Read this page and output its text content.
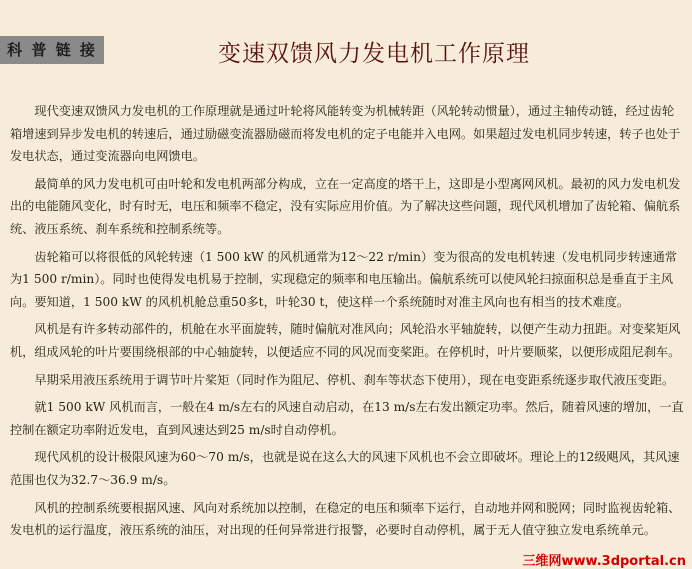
科 普 链 接	变速双馈风力发电机工作原理

现代变速双馈风力发电机的工作原理就是通过叶轮将风能转变为机械转距（风轮转动惯量），通过主轴传动链，经过齿轮箱增速到异步发电机的转速后，通过励磁变流器励磁而将发电机的定子电能并入电网。如果超过发电机同步转速，转子也处于发电状态，通过变流器向电网馈电。

最简单的风力发电机可由叶轮和发电机两部分构成，立在一定高度的塔干上，这即是小型离网风机。最初的风力发电机发出的电能随风变化，时有时无，电压和频率不稳定，没有实际应用价值。为了解决这些问题，现代风机增加了齿轮箱、偏航系统、液压系统、刹车系统和控制系统等。

齿轮箱可以将很低的风轮转速（1 500 kW 的风机通常为12～22 r/min）变为很高的发电机转速（发电机同步转速通常为1 500 r/min）。同时也使得发电机易于控制，实现稳定的频率和电压输出。偏航系统可以使风轮扫掠面积总是垂直于主风向。要知道，1 500 kW 的风机机舱总重50多t，叶轮30 t，使这样一个系统随时对准主风向也有相当的技术难度。

风机是有许多转动部件的，机舱在水平面旋转，随时偏航对准风向；风轮沿水平轴旋转，以便产生动力扭距。对变桨矩风机，组成风轮的叶片要围绕根部的中心轴旋转，以便适应不同的风况而变桨距。在停机时，叶片要顺桨，以便形成阻尼刹车。

早期采用液压系统用于调节叶片桨矩（同时作为阻尼、停机、刹车等状态下使用），现在电变距系统逐步取代液压变距。

就1 500 kW 风机而言，一般在4 m/s左右的风速自动启动，在13 m/s左右发出额定功率。然后，随着风速的增加，一直控制在额定功率附近发电，直到风速达到25 m/s时自动停机。

现代风机的设计极限风速为60～70 m/s，也就是说在这么大的风速下风机也不会立即破坏。理论上的12级飓风，其风速范围也仅为32.7～36.9 m/s。

风机的控制系统要根据风速、风向对系统加以控制，在稳定的电压和频率下运行，自动地并网和脱网；同时监视齿轮箱、发电机的运行温度，液压系统的油压，对出现的任何异常进行报警，必要时自动停机，属于无人值守独立发电系统单元。

三维网www.3dportal.cn
